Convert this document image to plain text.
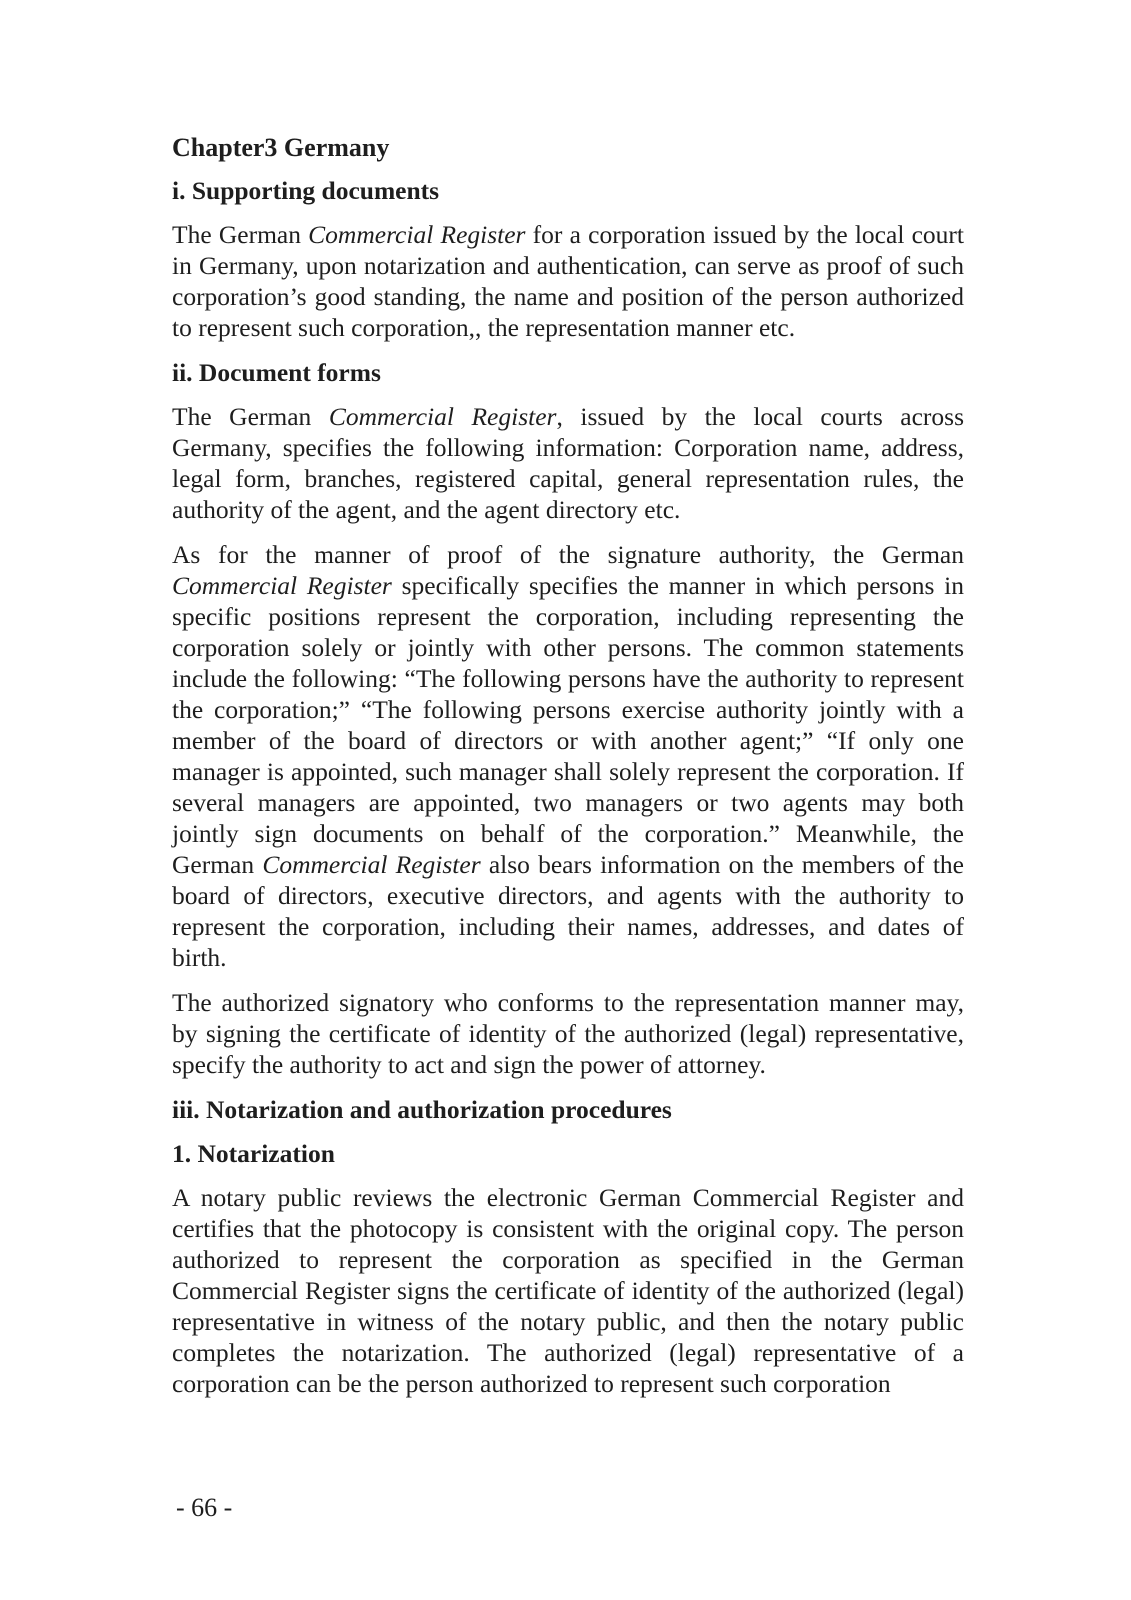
Chapter3 Germany
i. Supporting documents

The German Commercial Register for a corporation issued by the local court in Germany, upon notarization and authentication, can serve as proof of such corporation’s good standing, the name and position of the person authorized to represent such corporation,, the representation manner etc.

ii. Document forms

The German Commercial Register, issued by the local courts across Germany, specifies the following information: Corporation name, address, legal form, branches, registered capital, general representation rules, the authority of the agent, and the agent directory etc.

As for the manner of proof of the signature authority, the German Commercial Register specifically specifies the manner in which persons in specific positions represent the corporation, including representing the corporation solely or jointly with other persons. The common statements include the following: “The following persons have the authority to represent the corporation;” “The following persons exercise authority jointly with a member of the board of directors or with another agent;” “If only one manager is appointed, such manager shall solely represent the corporation. If several managers are appointed, two managers or two agents may both jointly sign documents on behalf of the corporation.” Meanwhile, the German Commercial Register also bears information on the members of the board of directors, executive directors, and agents with the authority to represent the corporation, including their names, addresses, and dates of birth.

The authorized signatory who conforms to the representation manner may, by signing the certificate of identity of the authorized (legal) representative, specify the authority to act and sign the power of attorney.

iii. Notarization and authorization procedures
1. Notarization

A notary public reviews the electronic German Commercial Register and certifies that the photocopy is consistent with the original copy. The person authorized to represent the corporation as specified in the German Commercial Register signs the certificate of identity of the authorized (legal) representative in witness of the notary public, and then the notary public completes the notarization. The authorized (legal) representative of a corporation can be the person authorized to represent such corporation

- 66 -
